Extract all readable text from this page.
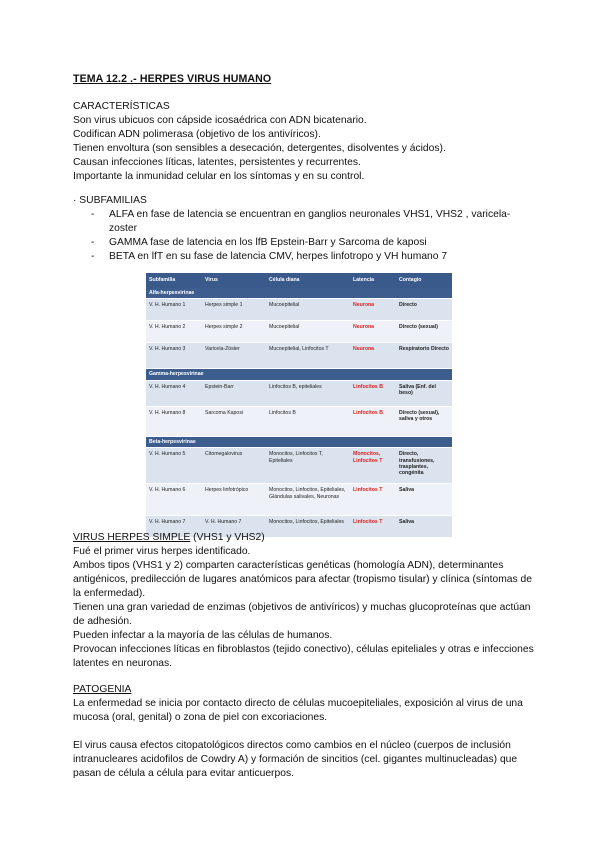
TEMA 12.2 .- HERPES VIRUS HUMANO

CARACTERÍSTICAS

Son virus ubicuos con cápside icosaédrica con ADN bicatenario.

Codifican ADN polimerasa (objetivo de los antivíricos).

Tienen envoltura (son sensibles a desecación, detergentes, disolventes y ácidos).

Causan infecciones líticas, latentes, persistentes y recurrentes.

Importante la inmunidad celular en los síntomas y en su control.

· SUBFAMILIAS

- ALFA en fase de latencia se encuentran en ganglios neuronales VHS1, VHS2 , varicela-zoster
- GAMMA fase de latencia en los lfB Epstein-Barr y Sarcoma de kaposi
- BETA en lfT en su fase de latencia CMV, herpes linfotropo y VH humano 7
Subfamilia	Virus	Célula diana	Latencia	Contagio
Alfa-herpesvirinae				
V. H. Humano 1	Herpes simple 1	Mucoepitelial	Neurona	Directo
V. H. Humano 2	Herpes simple 2	Mucoepitelial	Neurona	Directo (sexual)
V. H. Humano 3	Varicela-Zóster	Mucoepitelial, Linfocitos T	Neurona	Respiratorio Directo
Gamma-herpesvirinae				
V. H. Humano 4	Epstein-Barr	Linfocitos B, epiteliales	Linfocitos B	Saliva (Enf. del beso)
V. H. Humano 8	Sarcoma Kaposi	Linfocitos B	Linfocitos B	Directo (sexual), saliva y otros
Beta-herpesvirinae				
V. H. Humano 5	Citomegalovirus	Monocitos, Linfocitos T, Epiteliales	Monocitos, Linfocitos T	Directo, transfusiones, trasplantes, congénita
V. H. Humano 6	Herpes linfotrópico	Monocitos, Linfocitos, Epiteliales, Glándulas salivales, Neuronas	Linfocitos T	Saliva
V. H. Humano 7	V. H. Humano 7	Monocitos, Linfocitos, Epiteliales	Linfocitos T	Saliva

VIRUS HERPES SIMPLE (VHS1 y VHS2)

Fué el primer virus herpes identificado.

Ambos tipos (VHS1 y 2) comparten características genéticas (homología ADN), determinantes antigénicos, predilección de lugares anatómicos para afectar (tropismo tisular) y clínica (síntomas de la enfermedad).

Tienen una gran variedad de enzimas (objetivos de antivíricos) y muchas glucoproteínas que actúan de adhesión.

Pueden infectar a la mayoría de las células de humanos.

Provocan infecciones líticas en fibroblastos (tejido conectivo), células epiteliales y otras e infecciones latentes en neuronas.

PATOGENIA

La enfermedad se inicia por contacto directo de células mucoepiteliales, exposición al virus de una mucosa (oral, genital) o zona de piel con excoriaciones.

El virus causa efectos citopatológicos directos como cambios en el núcleo (cuerpos de inclusión intranucleares acidofilos de Cowdry A) y formación de sincitios (cel. gigantes multinucleadas) que pasan de célula a célula para evitar anticuerpos.
